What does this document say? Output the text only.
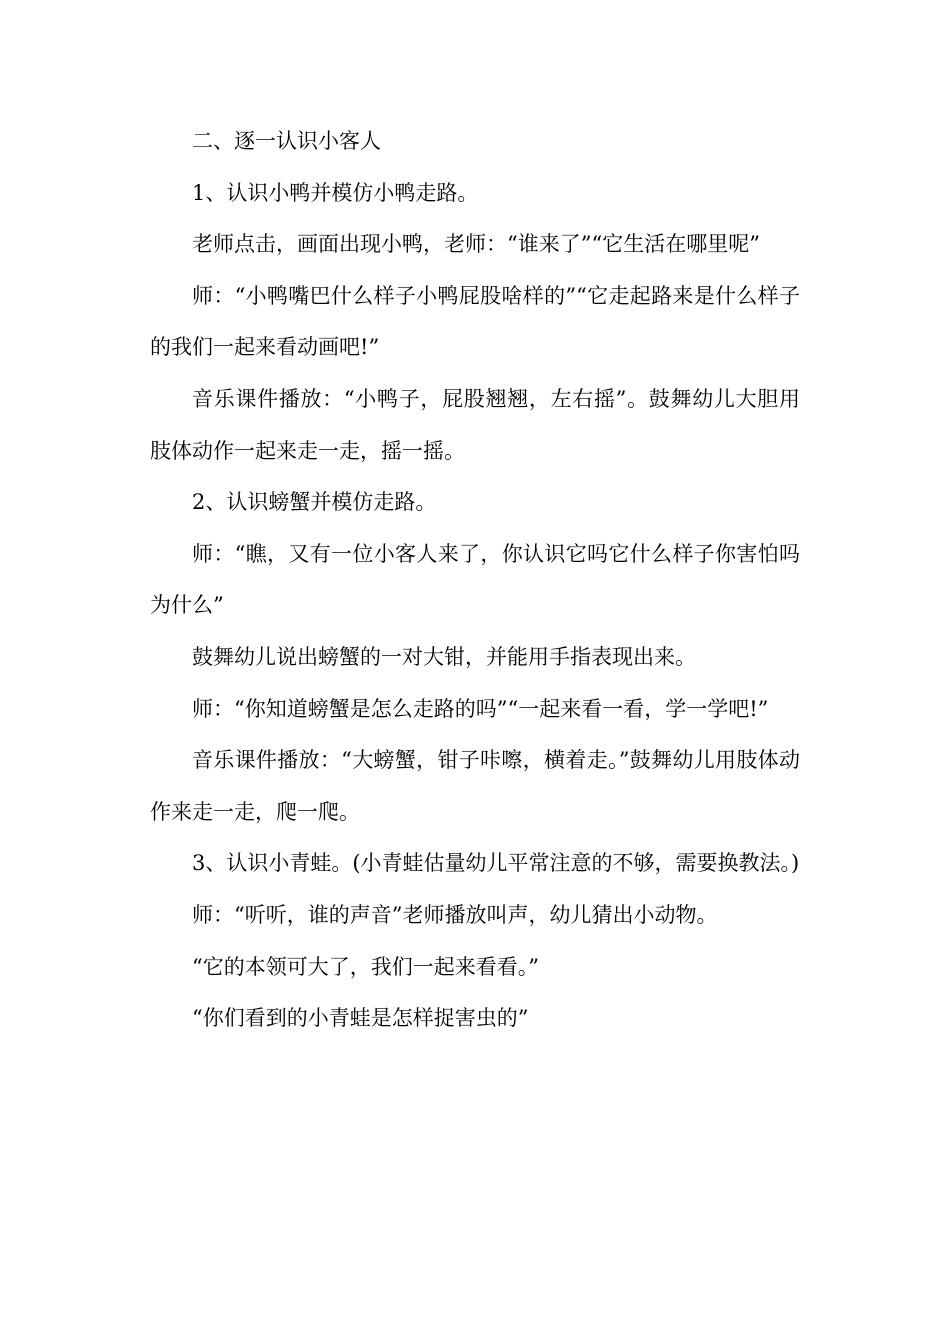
二、逐一认识小客人

1、认识小鸭并模仿小鸭走路。

老师点击，画面出现小鸭，老师：“谁来了”“它生活在哪里呢”

师：“小鸭嘴巴什么样子小鸭屁股啥样的”“它走起路来是什么样子的我们一起来看动画吧!”

音乐课件播放：“小鸭子，屁股翘翘，左右摇”。鼓舞幼儿大胆用肢体动作一起来走一走，摇一摇。

2、认识螃蟹并模仿走路。

师：“瞧，又有一位小客人来了，你认识它吗它什么样子你害怕吗为什么”

鼓舞幼儿说出螃蟹的一对大钳，并能用手指表现出来。

师：“你知道螃蟹是怎么走路的吗”“一起来看一看，学一学吧!”

音乐课件播放：“大螃蟹，钳子咔嚓，横着走。”鼓舞幼儿用肢体动作来走一走，爬一爬。

3、认识小青蛙。(小青蛙估量幼儿平常注意的不够，需要换教法。)

师：“听听，谁的声音”老师播放叫声，幼儿猜出小动物。

“它的本领可大了，我们一起来看看。”

“你们看到的小青蛙是怎样捉害虫的”
